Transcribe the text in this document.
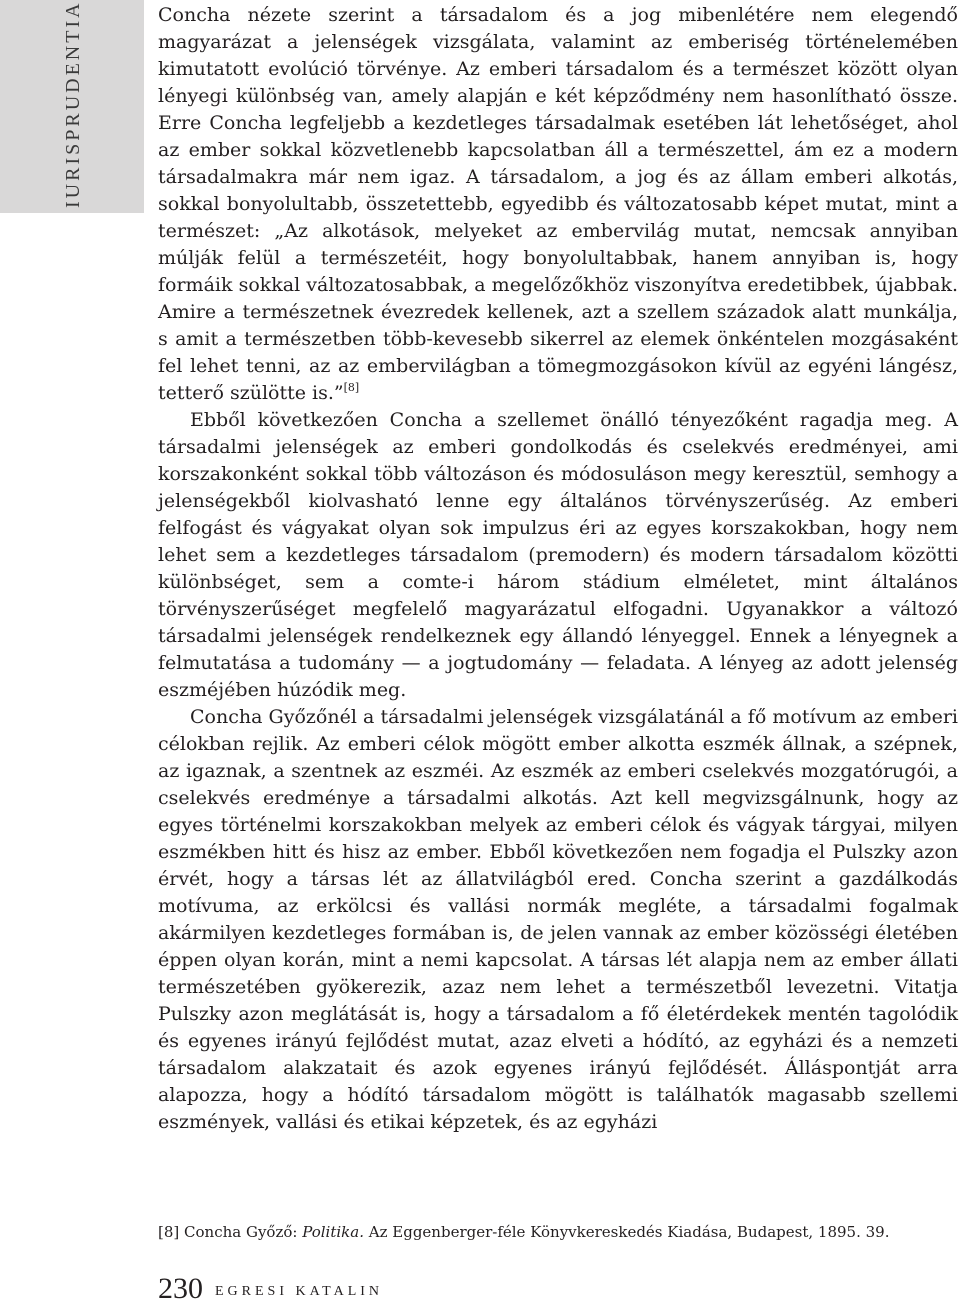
IURISPRUDENTIA	Concha nézete szerint a társadalom és a jog mibenlétére nem elegendő magyarázat a jelenségek vizsgálata, valamint az emberiség történelemében kimutatott evolúció törvénye. Az emberi társadalom és a természet között olyan lényegi különbség van, amely alapján e két képződmény nem hasonlítható össze. Erre Concha legfeljebb a kezdetleges társadalmak esetében lát lehetőséget, ahol az ember sokkal közvetlenebb kapcsolatban áll a természettel, ám ez a modern társadalmakra már nem igaz. A társadalom, a jog és az állam emberi alkotás, sokkal bonyolultabb, összetettebb, egyedibb és változatosabb képet mutat, mint a természet: „Az alkotások, melyeket az embervilág mutat, nemcsak annyiban múlják felül a természetéit, hogy bonyolultabbak, hanem annyiban is, hogy formáik sokkal változatosabbak, a megelőzőkhöz viszonyítva eredetibbek, újabbak. Amire a természetnek évezredek kellenek, azt a szellem századok alatt munkálja, s amit a természetben több-kevesebb sikerrel az elemek önkéntelen mozgásaként fel lehet tenni, az az embervilágban a tömegmozgásokon kívül az egyéni lángész, tetterő szülötte is.”[8]

Ebből következően Concha a szellemet önálló tényezőként ragadja meg. A társadalmi jelenségek az emberi gondolkodás és cselekvés eredményei, ami korszakonként sokkal több változáson és módosuláson megy keresztül, semhogy a jelenségekből kiolvasható lenne egy általános törvényszerűség. Az emberi felfogást és vágyakat olyan sok impulzus éri az egyes korszakokban, hogy nem lehet sem a kezdetleges társadalom (premodern) és modern társadalom közötti különbséget, sem a comte-i három stádium elméletet, mint általános törvényszerűséget megfelelő magyarázatul elfogadni. Ugyanakkor a változó társadalmi jelenségek rendelkeznek egy állandó lényeggel. Ennek a lényegnek a felmutatása a tudomány — a jogtudomány — feladata. A lényeg az adott jelenség eszméjében húzódik meg.

Concha Győzőnél a társadalmi jelenségek vizsgálatánál a fő motívum az emberi célokban rejlik. Az emberi célok mögött ember alkotta eszmék állnak, a szépnek, az igaznak, a szentnek az eszméi. Az eszmék az emberi cselekvés mozgatórugói, a cselekvés eredménye a társadalmi alkotás. Azt kell megvizsgálnunk, hogy az egyes történelmi korszakokban melyek az emberi célok és vágyak tárgyai, milyen eszmékben hitt és hisz az ember. Ebből következően nem fogadja el Pulszky azon érvét, hogy a társas lét az állatvilágból ered. Concha szerint a gazdálkodás motívuma, az erkölcsi és vallási normák megléte, a társadalmi fogalmak akármilyen kezdetleges formában is, de jelen vannak az ember közösségi életében éppen olyan korán, mint a nemi kapcsolat. A társas lét alapja nem az ember állati természetében gyökerezik, azaz nem lehet a természetből levezetni. Vitatja Pulszky azon meglátását is, hogy a társadalom a fő életérdekek mentén tagolódik és egyenes irányú fejlődést mutat, azaz elveti a hódító, az egyházi és a nemzeti társadalom alakzatait és azok egyenes irányú fejlődését. Álláspontját arra alapozza, hogy a hódító társadalom mögött is találhatók magasabb szellemi eszmények, vallási és etikai képzetek, és az egyházi

[8] Concha Győző: Politika. Az Eggenberger-féle Könyvkereskedés Kiadása, Budapest, 1895. 39.
230 EGRESI KATALIN
